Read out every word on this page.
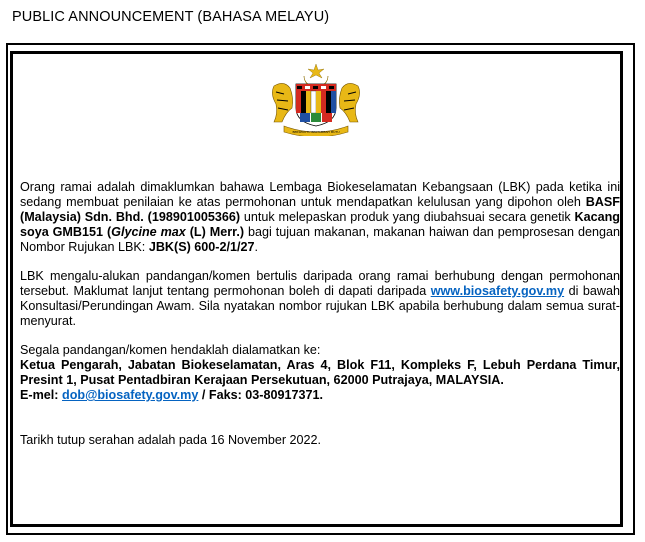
PUBLIC ANNOUNCEMENT (BAHASA MELAYU)
BERSEKUTU BERTAMBAH MUTU

Orang ramai adalah dimaklumkan bahawa Lembaga Biokeselamatan Kebangsaan (LBK) pada ketika ini sedang membuat penilaian ke atas permohonan untuk mendapatkan kelulusan yang dipohon oleh BASF (Malaysia) Sdn. Bhd. (198901005366) untuk melepaskan produk yang diubahsuai secara genetik Kacang soya GMB151 (Glycine max (L) Merr.) bagi tujuan makanan, makanan haiwan dan pemprosesan dengan Nombor Rujukan LBK: JBK(S) 600-2/1/27.

LBK mengalu-alukan pandangan/komen bertulis daripada orang ramai berhubung dengan permohonan tersebut. Maklumat lanjut tentang permohonan boleh di dapati daripada www.biosafety.gov.my di bawah Konsultasi/Perundingan Awam. Sila nyatakan nombor rujukan LBK apabila berhubung dalam semua surat-menyurat.

Segala pandangan/komen hendaklah dialamatkan ke:
Ketua Pengarah, Jabatan Biokeselamatan, Aras 4, Blok F11, Kompleks F, Lebuh Perdana Timur, Presint 1, Pusat Pentadbiran Kerajaan Persekutuan, 62000 Putrajaya, MALAYSIA.
E-mel: dob@biosafety.gov.my / Faks: 03-80917371.

Tarikh tutup serahan adalah pada 16 November 2022.
